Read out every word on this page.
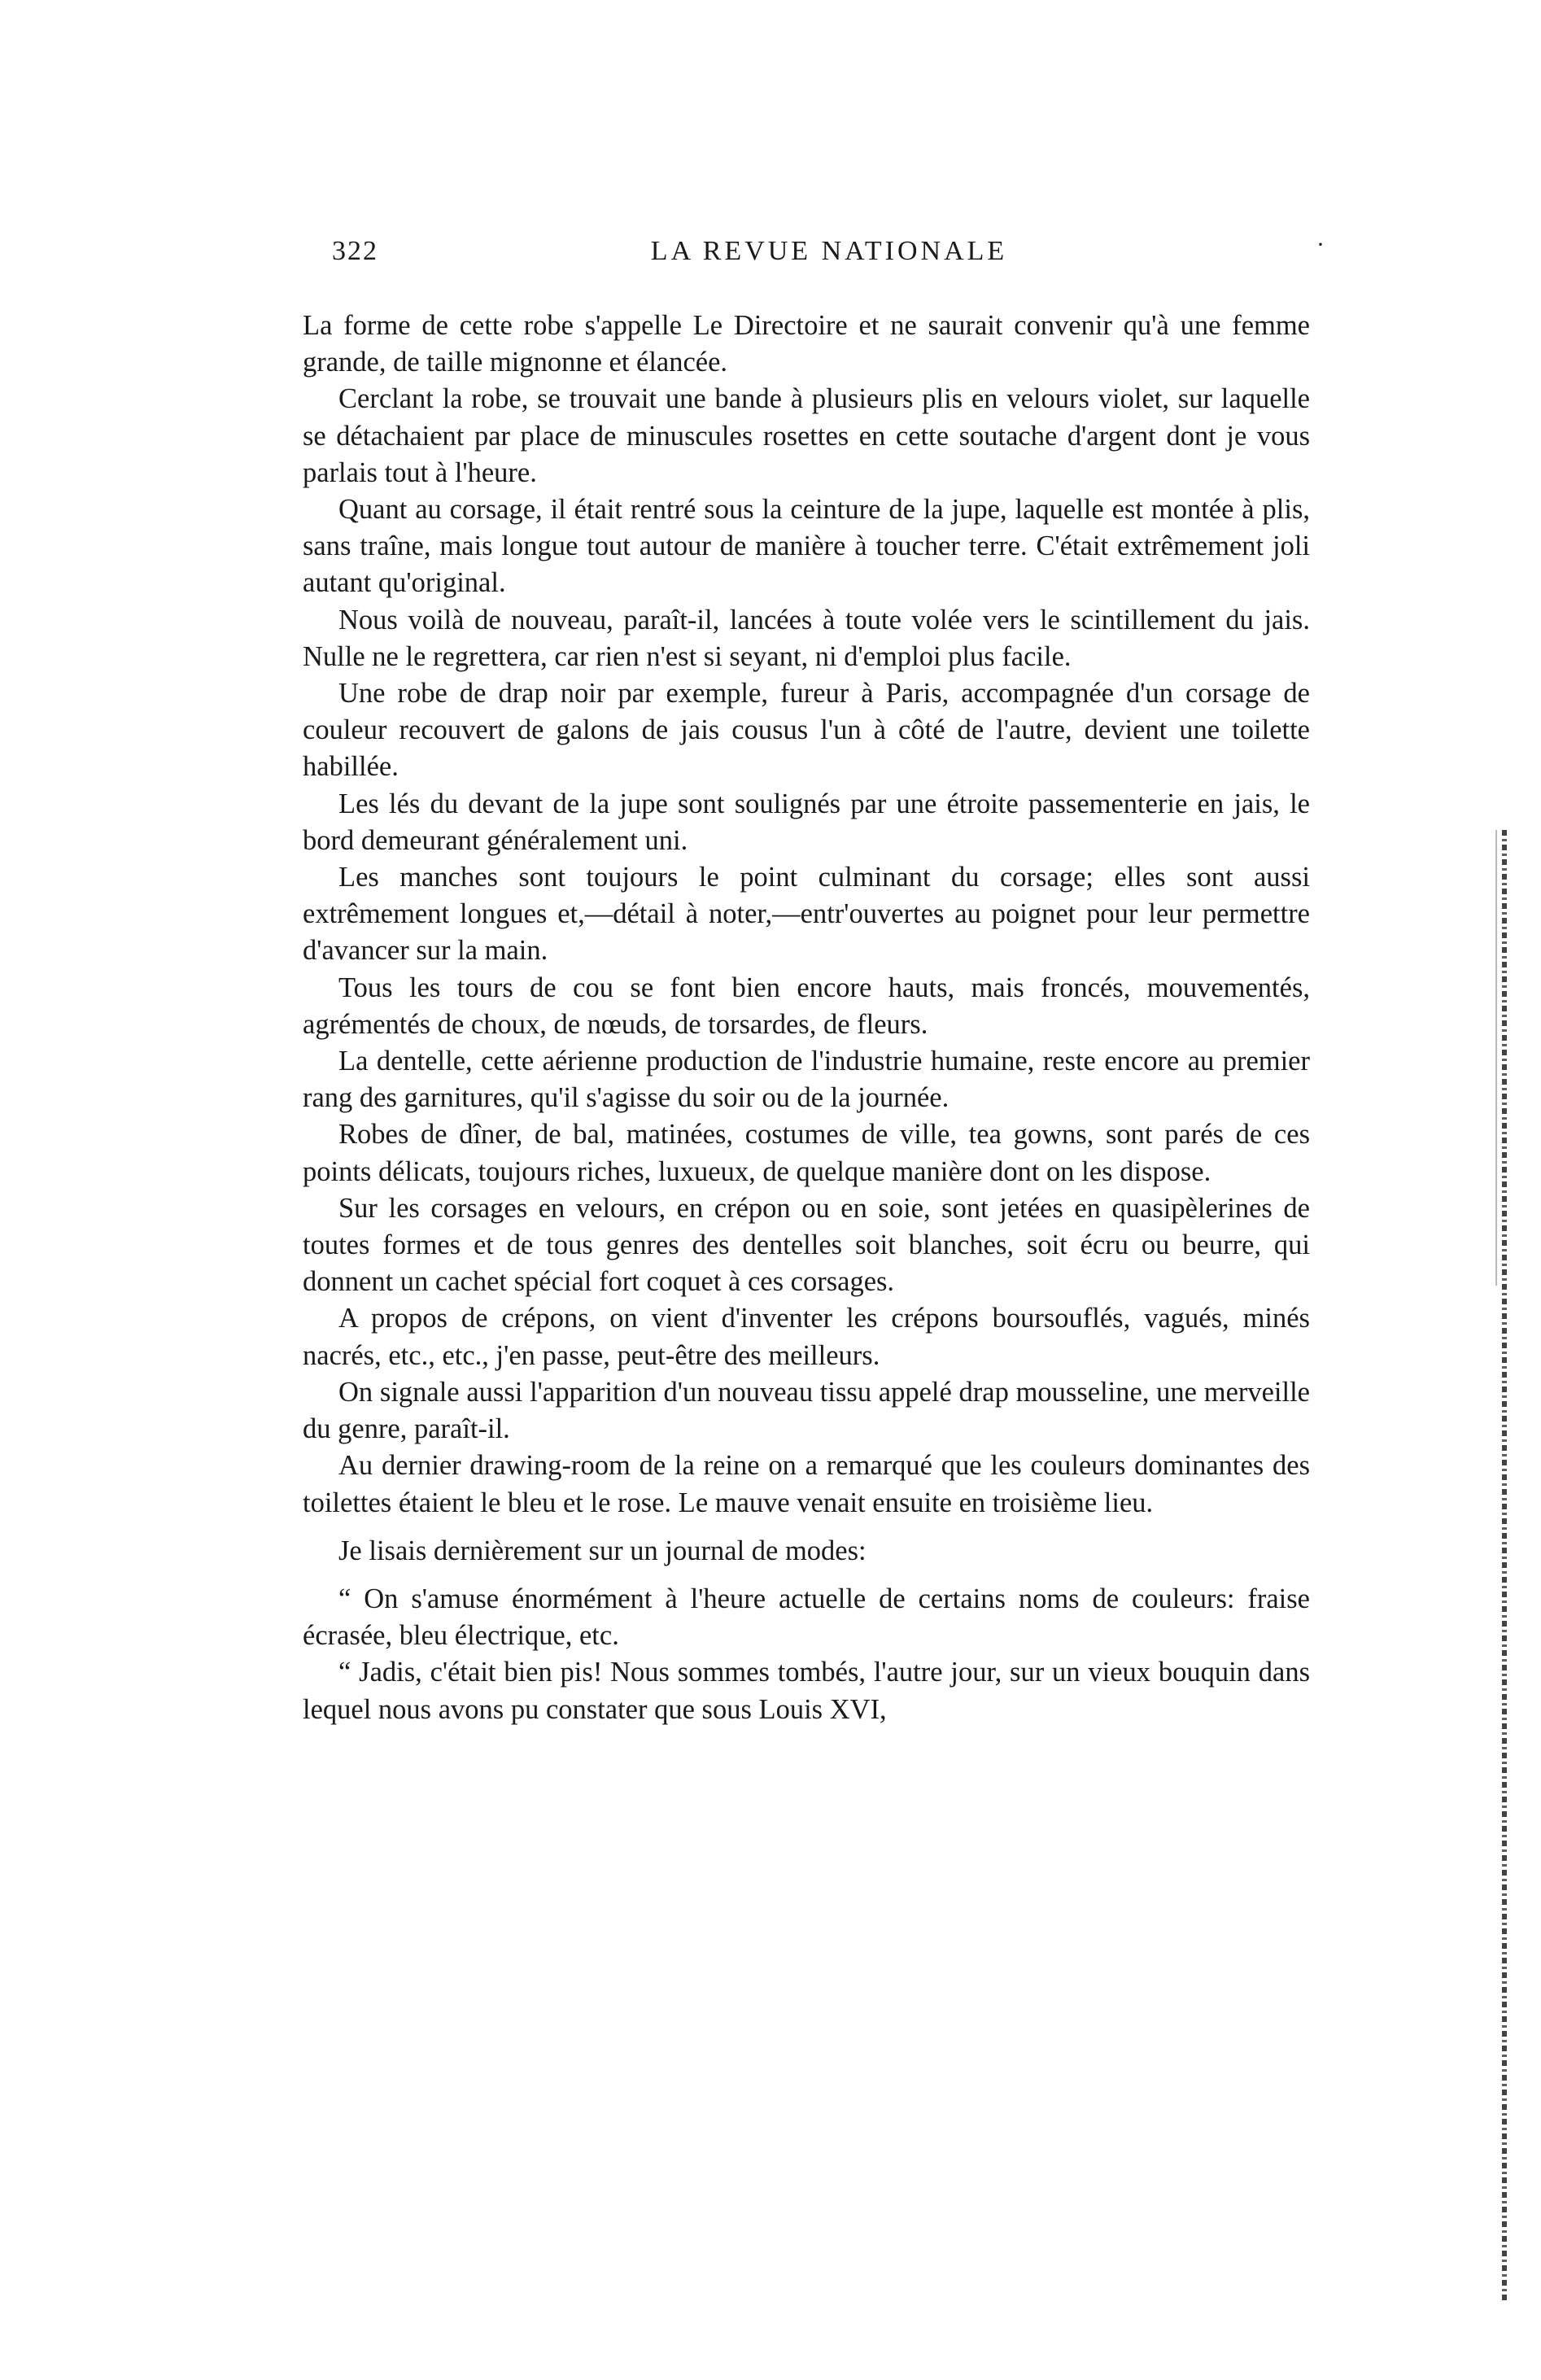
322	LA REVUE NATIONALE	·

La forme de cette robe s'appelle Le Directoire et ne saurait convenir qu'à une femme grande, de taille mignonne et élancée.

Cerclant la robe, se trouvait une bande à plusieurs plis en velours violet, sur laquelle se détachaient par place de minuscules rosettes en cette soutache d'argent dont je vous parlais tout à l'heure.

Quant au corsage, il était rentré sous la ceinture de la jupe, laquelle est montée à plis, sans traîne, mais longue tout autour de manière à toucher terre. C'était extrêmement joli autant qu'original.

Nous voilà de nouveau, paraît-il, lancées à toute volée vers le scintillement du jais. Nulle ne le regrettera, car rien n'est si seyant, ni d'emploi plus facile.

Une robe de drap noir par exemple, fureur à Paris, accompagnée d'un corsage de couleur recouvert de galons de jais cousus l'un à côté de l'autre, devient une toilette habillée.

Les lés du devant de la jupe sont soulignés par une étroite passementerie en jais, le bord demeurant généralement uni.

Les manches sont toujours le point culminant du corsage; elles sont aussi extrêmement longues et,—détail à noter,—entr'ouvertes au poignet pour leur permettre d'avancer sur la main.

Tous les tours de cou se font bien encore hauts, mais froncés, mouvementés, agrémentés de choux, de nœuds, de torsardes, de fleurs.

La dentelle, cette aérienne production de l'industrie humaine, reste encore au premier rang des garnitures, qu'il s'agisse du soir ou de la journée.

Robes de dîner, de bal, matinées, costumes de ville, tea gowns, sont parés de ces points délicats, toujours riches, luxueux, de quelque manière dont on les dispose.

Sur les corsages en velours, en crépon ou en soie, sont jetées en quasipèlerines de toutes formes et de tous genres des dentelles soit blanches, soit écru ou beurre, qui donnent un cachet spécial fort coquet à ces corsages.

A propos de crépons, on vient d'inventer les crépons boursouflés, vagués, minés nacrés, etc., etc., j'en passe, peut-être des meilleurs.

On signale aussi l'apparition d'un nouveau tissu appelé drap mousseline, une merveille du genre, paraît-il.

Au dernier drawing-room de la reine on a remarqué que les couleurs dominantes des toilettes étaient le bleu et le rose. Le mauve venait ensuite en troisième lieu.

Je lisais dernièrement sur un journal de modes:

“ On s'amuse énormément à l'heure actuelle de certains noms de couleurs: fraise écrasée, bleu électrique, etc.

“ Jadis, c'était bien pis! Nous sommes tombés, l'autre jour, sur un vieux bouquin dans lequel nous avons pu constater que sous Louis XVI,
